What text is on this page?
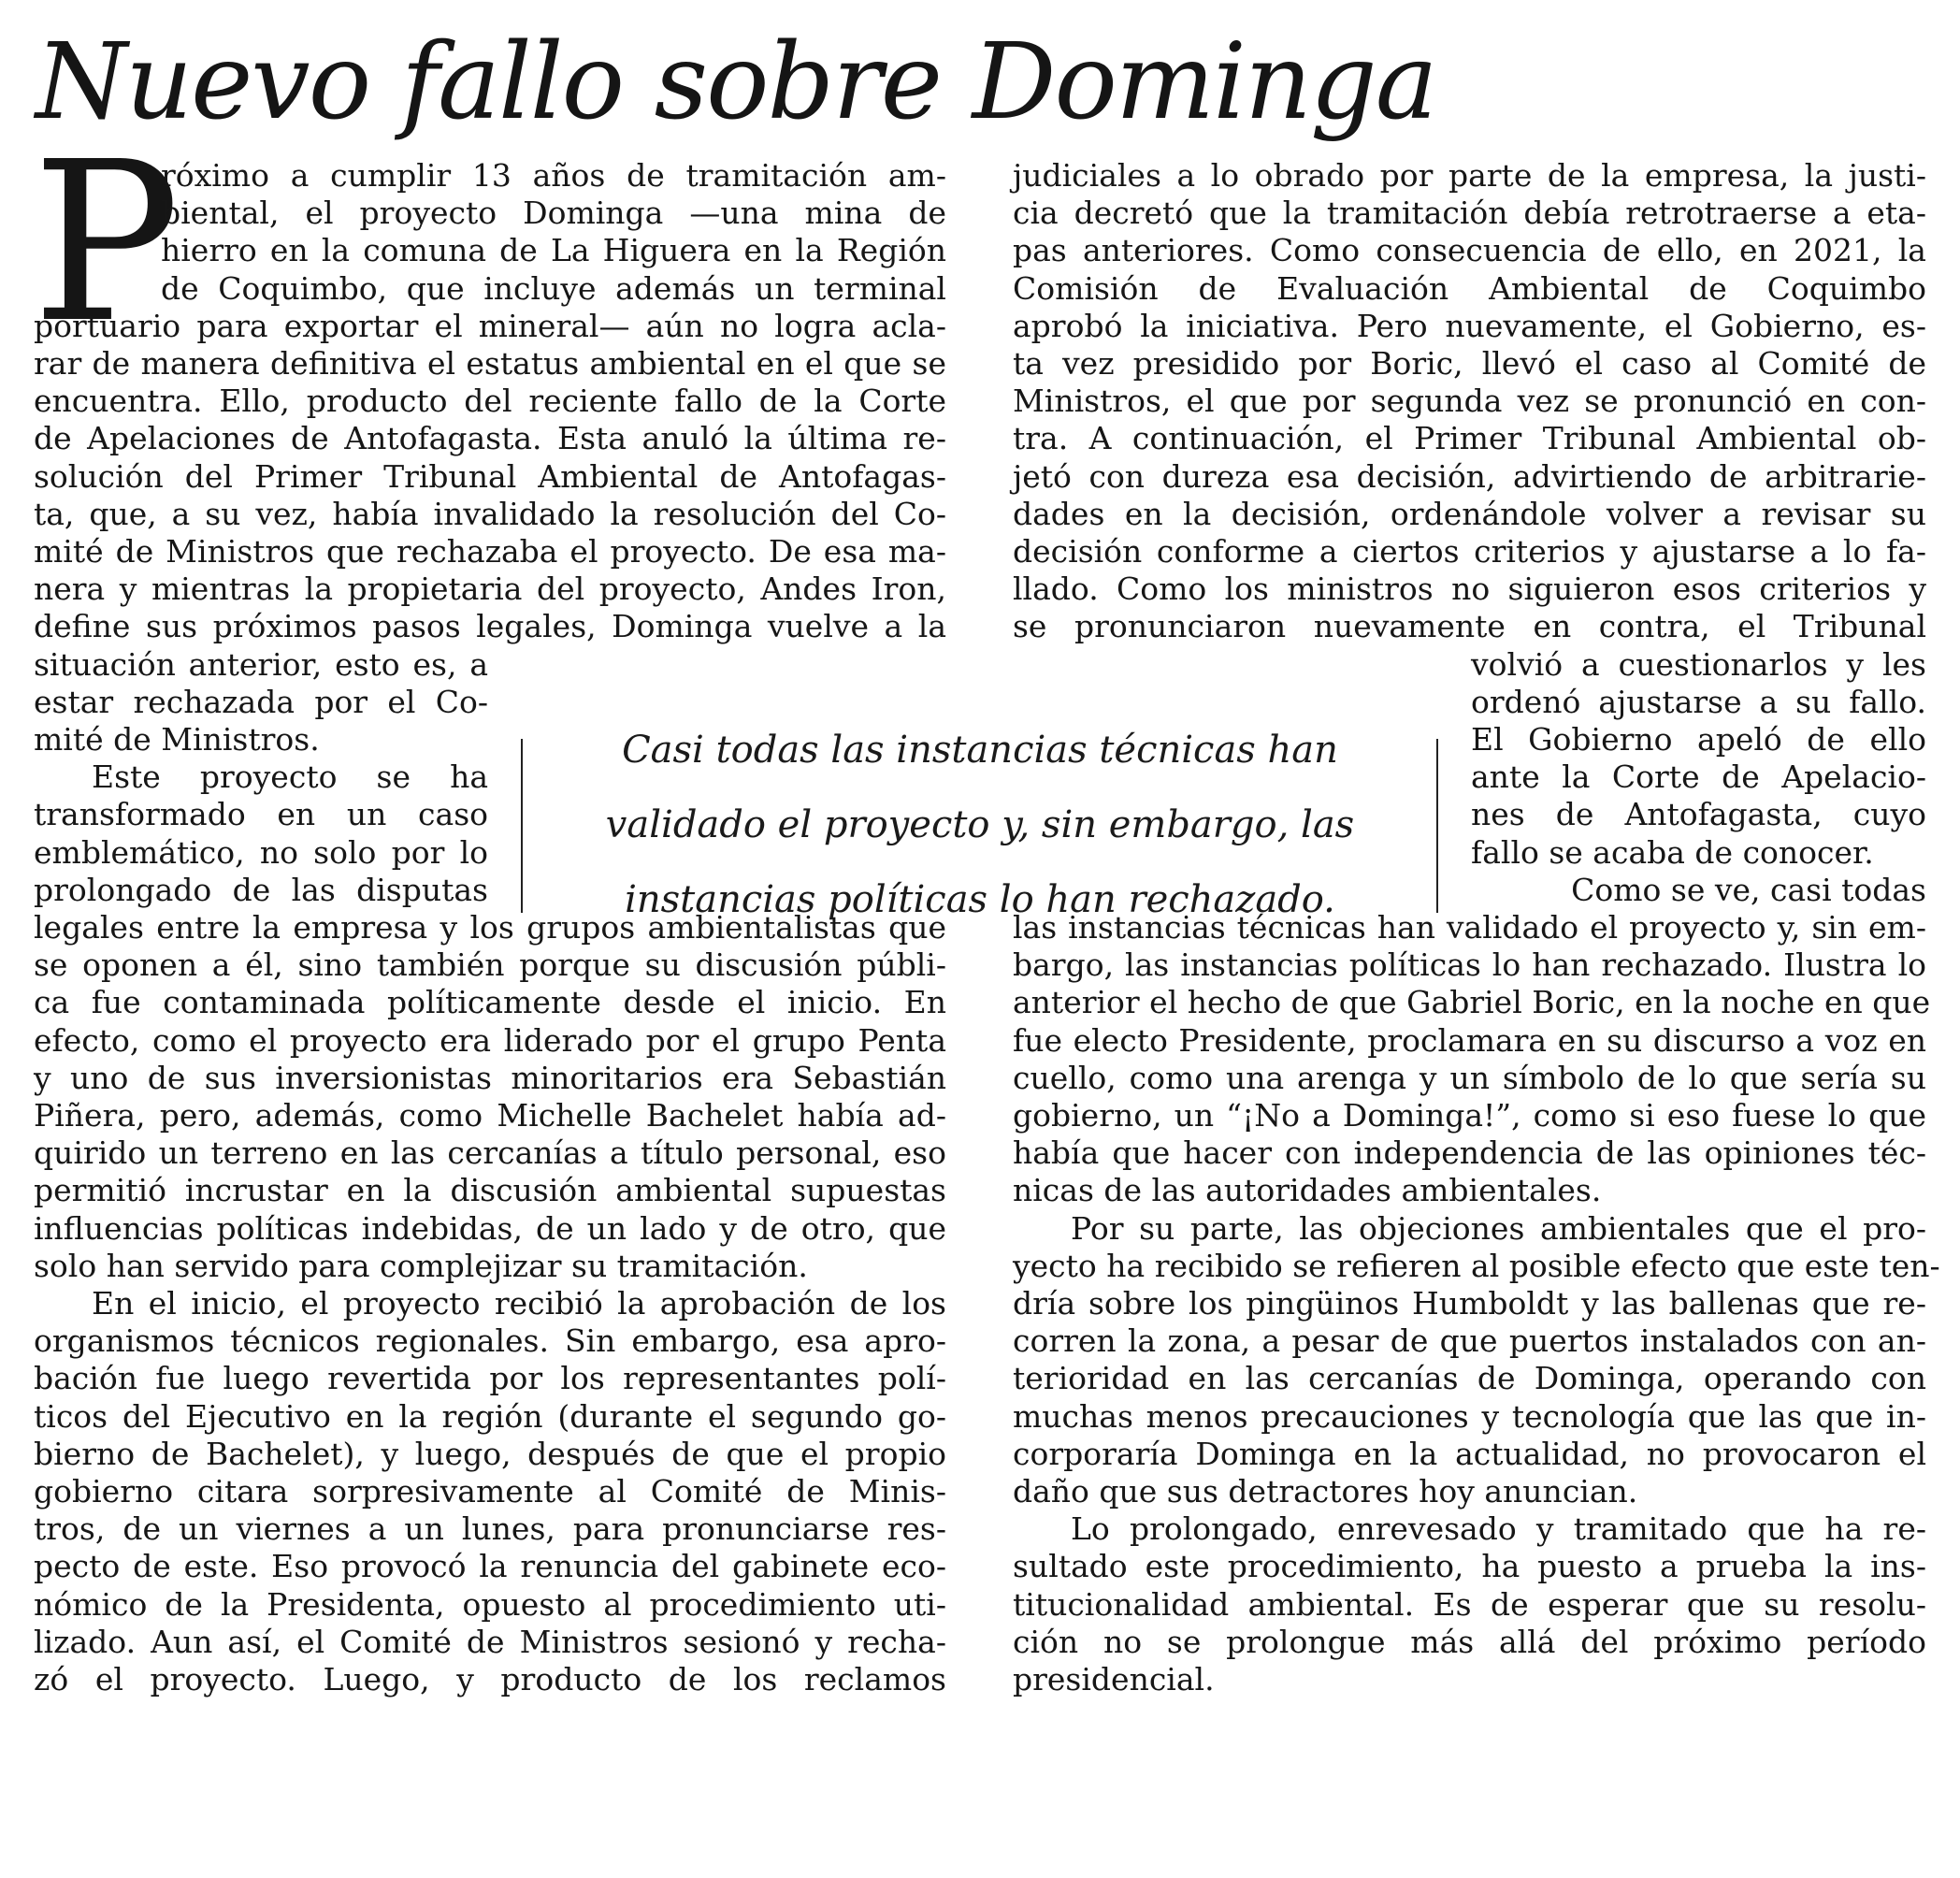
Nuevo fallo sobre Dominga
P
Casi todas las instancias técnicas han
validado el proyecto y, sin embargo, las
instancias políticas lo han rechazado.
róximo a cumplir 13 años de tramitación am-
biental, el proyecto Dominga —una mina de
hierro en la comuna de La Higuera en la Región
de Coquimbo, que incluye además un terminal
portuario para exportar el mineral— aún no logra acla-
rar de manera definitiva el estatus ambiental en el que se
encuentra. Ello, producto del reciente fallo de la Corte
de Apelaciones de Antofagasta. Esta anuló la última re-
solución del Primer Tribunal Ambiental de Antofagas-
ta, que, a su vez, había invalidado la resolución del Co-
mité de Ministros que rechazaba el proyecto. De esa ma-
nera y mientras la propietaria del proyecto, Andes Iron,
define sus próximos pasos legales, Dominga vuelve a la
situación anterior, esto es, a
estar rechazada por el Co-
mité de Ministros.
Este proyecto se ha
transformado en un caso
emblemático, no solo por lo
prolongado de las disputas
legales entre la empresa y los grupos ambientalistas que
se oponen a él, sino también porque su discusión públi-
ca fue contaminada políticamente desde el inicio. En
efecto, como el proyecto era liderado por el grupo Penta
y uno de sus inversionistas minoritarios era Sebastián
Piñera, pero, además, como Michelle Bachelet había ad-
quirido un terreno en las cercanías a título personal, eso
permitió incrustar en la discusión ambiental supuestas
influencias políticas indebidas, de un lado y de otro, que
solo han servido para complejizar su tramitación.
En el inicio, el proyecto recibió la aprobación de los
organismos técnicos regionales. Sin embargo, esa apro-
bación fue luego revertida por los representantes polí-
ticos del Ejecutivo en la región (durante el segundo go-
bierno de Bachelet), y luego, después de que el propio
gobierno citara sorpresivamente al Comité de Minis-
tros, de un viernes a un lunes, para pronunciarse res-
pecto de este. Eso provocó la renuncia del gabinete eco-
nómico de la Presidenta, opuesto al procedimiento uti-
lizado. Aun así, el Comité de Ministros sesionó y recha-
zó el proyecto. Luego, y producto de los reclamos
judiciales a lo obrado por parte de la empresa, la justi-
cia decretó que la tramitación debía retrotraerse a eta-
pas anteriores. Como consecuencia de ello, en 2021, la
Comisión de Evaluación Ambiental de Coquimbo
aprobó la iniciativa. Pero nuevamente, el Gobierno, es-
ta vez presidido por Boric, llevó el caso al Comité de
Ministros, el que por segunda vez se pronunció en con-
tra. A continuación, el Primer Tribunal Ambiental ob-
jetó con dureza esa decisión, advirtiendo de arbitrarie-
dades en la decisión, ordenándole volver a revisar su
decisión conforme a ciertos criterios y ajustarse a lo fa-
llado. Como los ministros no siguieron esos criterios y
se pronunciaron nuevamente en contra, el Tribunal
volvió a cuestionarlos y les
ordenó ajustarse a su fallo.
El Gobierno apeló de ello
ante la Corte de Apelacio-
nes de Antofagasta, cuyo
fallo se acaba de conocer.
Como se ve, casi todas
las instancias técnicas han validado el proyecto y, sin em-
bargo, las instancias políticas lo han rechazado. Ilustra lo
anterior el hecho de que Gabriel Boric, en la noche en que
fue electo Presidente, proclamara en su discurso a voz en
cuello, como una arenga y un símbolo de lo que sería su
gobierno, un “¡No a Dominga!”, como si eso fuese lo que
había que hacer con independencia de las opiniones téc-
nicas de las autoridades ambientales.
Por su parte, las objeciones ambientales que el pro-
yecto ha recibido se refieren al posible efecto que este ten-
dría sobre los pingüinos Humboldt y las ballenas que re-
corren la zona, a pesar de que puertos instalados con an-
terioridad en las cercanías de Dominga, operando con
muchas menos precauciones y tecnología que las que in-
corporaría Dominga en la actualidad, no provocaron el
daño que sus detractores hoy anuncian.
Lo prolongado, enrevesado y tramitado que ha re-
sultado este procedimiento, ha puesto a prueba la ins-
titucionalidad ambiental. Es de esperar que su resolu-
ción no se prolongue más allá del próximo período
presidencial.
